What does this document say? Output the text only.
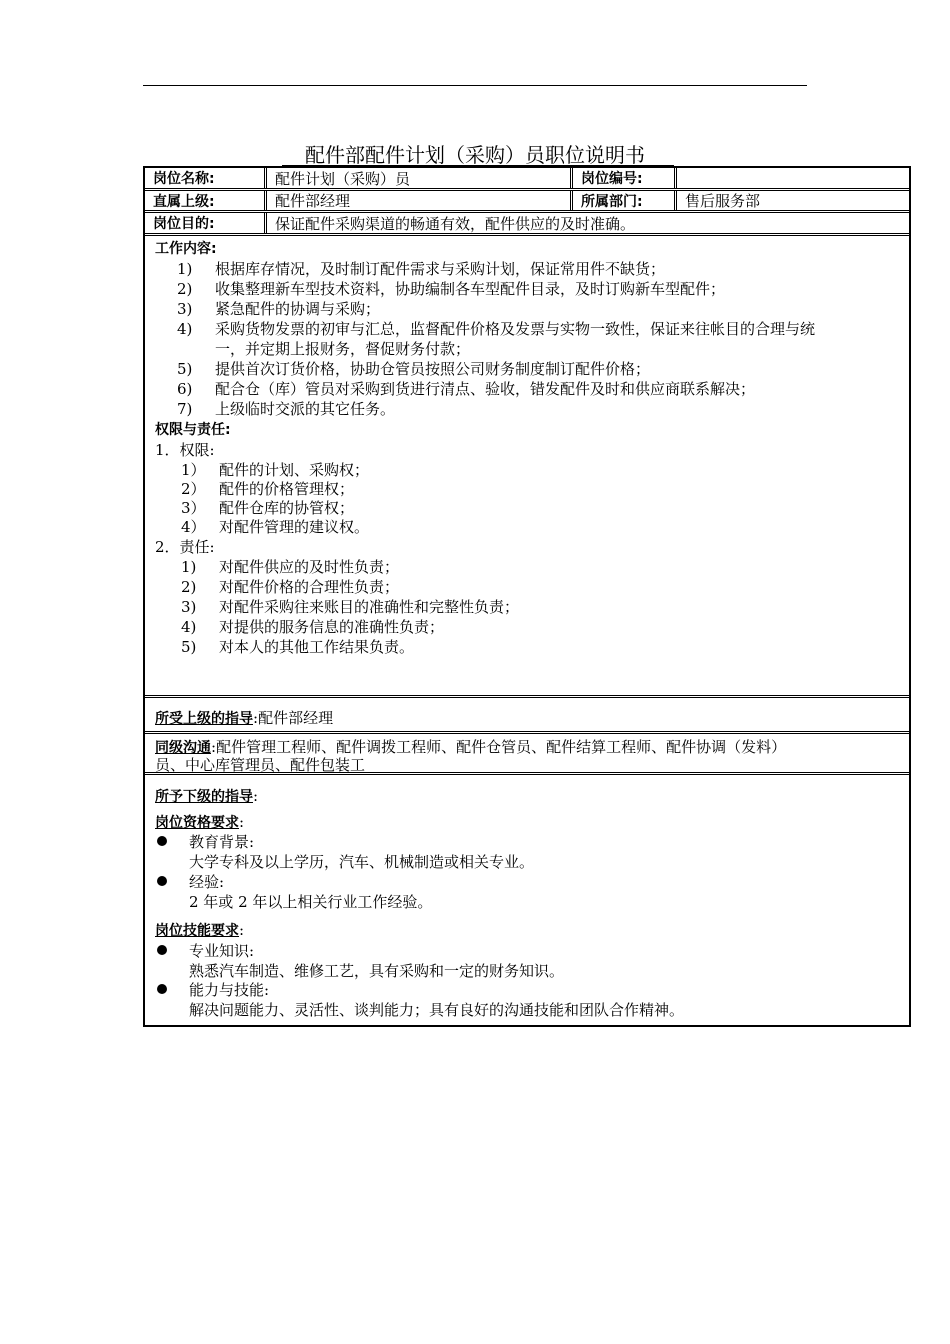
配件部配件计划（采购）员职位说明书
岗位名称:	配件计划（采购）员	岗位编号:
直属上级:	配件部经理	所属部门:	售后服务部
岗位目的:	保证配件采购渠道的畅通有效，配件供应的及时准确。
工作内容:
1) 根据库存情况，及时制订配件需求与采购计划，保证常用件不缺货；
2) 收集整理新车型技术资料，协助编制各车型配件目录，及时订购新车型配件；
3) 紧急配件的协调与采购；
4) 采购货物发票的初审与汇总，监督配件价格及发票与实物一致性，保证来往帐目的合理与统
一，并定期上报财务，督促财务付款；
5) 提供首次订货价格，协助仓管员按照公司财务制度制订配件价格；
6) 配合仓（库）管员对采购到货进行清点、验收，错发配件及时和供应商联系解决；
7) 上级临时交派的其它任务。
权限与责任:
1．权限:
1） 配件的计划、采购权；
2） 配件的价格管理权；
3） 配件仓库的协管权；
4） 对配件管理的建议权。
2．责任:
1) 对配件供应的及时性负责；
2) 对配件价格的合理性负责；
3) 对配件采购往来账目的准确性和完整性负责；
4) 对提供的服务信息的准确性负责；
5) 对本人的其他工作结果负责。
所受上级的指导:配件部经理
同级沟通:配件管理工程师、配件调拨工程师、配件仓管员、配件结算工程师、配件协调（发料）
员、中心库管理员、配件包装工
所予下级的指导:
岗位资格要求:
教育背景:
大学专科及以上学历，汽车、机械制造或相关专业。
经验:
2 年或 2 年以上相关行业工作经验。
岗位技能要求:
专业知识:
熟悉汽车制造、维修工艺，具有采购和一定的财务知识。
能力与技能:
解决问题能力、灵活性、谈判能力；具有良好的沟通技能和团队合作精神。
